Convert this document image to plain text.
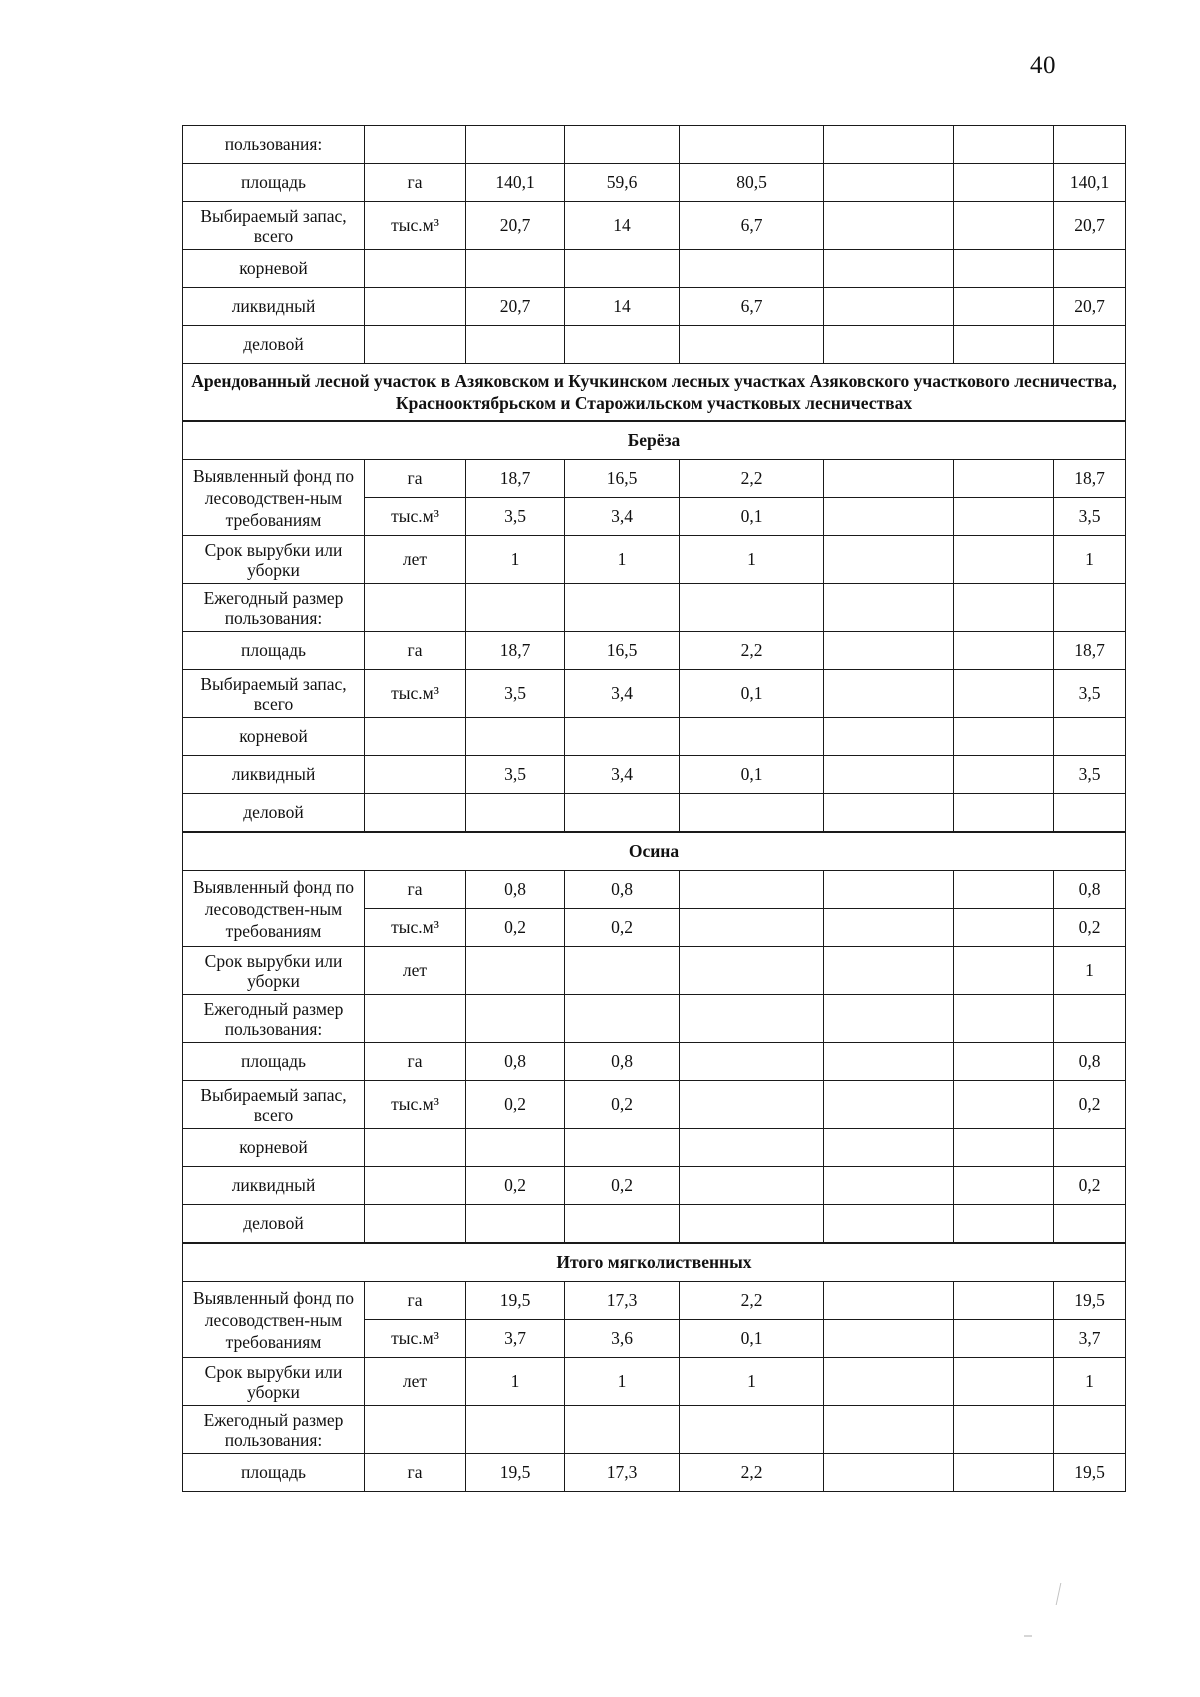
40
пользования:							
площадь	га	140,1	59,6	80,5			140,1
Выбираемый запас, всего	тыс.м³	20,7	14	6,7			20,7
корневой							
ликвидный		20,7	14	6,7			20,7
деловой							
Арендованный лесной участок в Азяковском и Кучкинском лесных участках Азяковского участкового лесничества, Краснооктябрьском и Старожильском участковых лесничествах							
Берёза							
Выявленный фонд по лесоводствен-ным требованиям	га	18,7	16,5	2,2			18,7
	тыс.м³	3,5	3,4	0,1			3,5
Срок вырубки или уборки	лет	1	1	1			1
Ежегодный размер пользования:							
площадь	га	18,7	16,5	2,2			18,7
Выбираемый запас, всего	тыс.м³	3,5	3,4	0,1			3,5
корневой							
ликвидный		3,5	3,4	0,1			3,5
деловой							
Осина							
Выявленный фонд по лесоводствен-ным требованиям	га	0,8	0,8				0,8
	тыс.м³	0,2	0,2				0,2
Срок вырубки или уборки	лет						1
Ежегодный размер пользования:							
площадь	га	0,8	0,8				0,8
Выбираемый запас, всего	тыс.м³	0,2	0,2				0,2
корневой							
ликвидный		0,2	0,2				0,2
деловой							
Итого мягколиственных							
Выявленный фонд по лесоводствен-ным требованиям	га	19,5	17,3	2,2			19,5
	тыс.м³	3,7	3,6	0,1			3,7
Срок вырубки или уборки	лет	1	1	1			1
Ежегодный размер пользования:							
площадь	га	19,5	17,3	2,2			19,5
